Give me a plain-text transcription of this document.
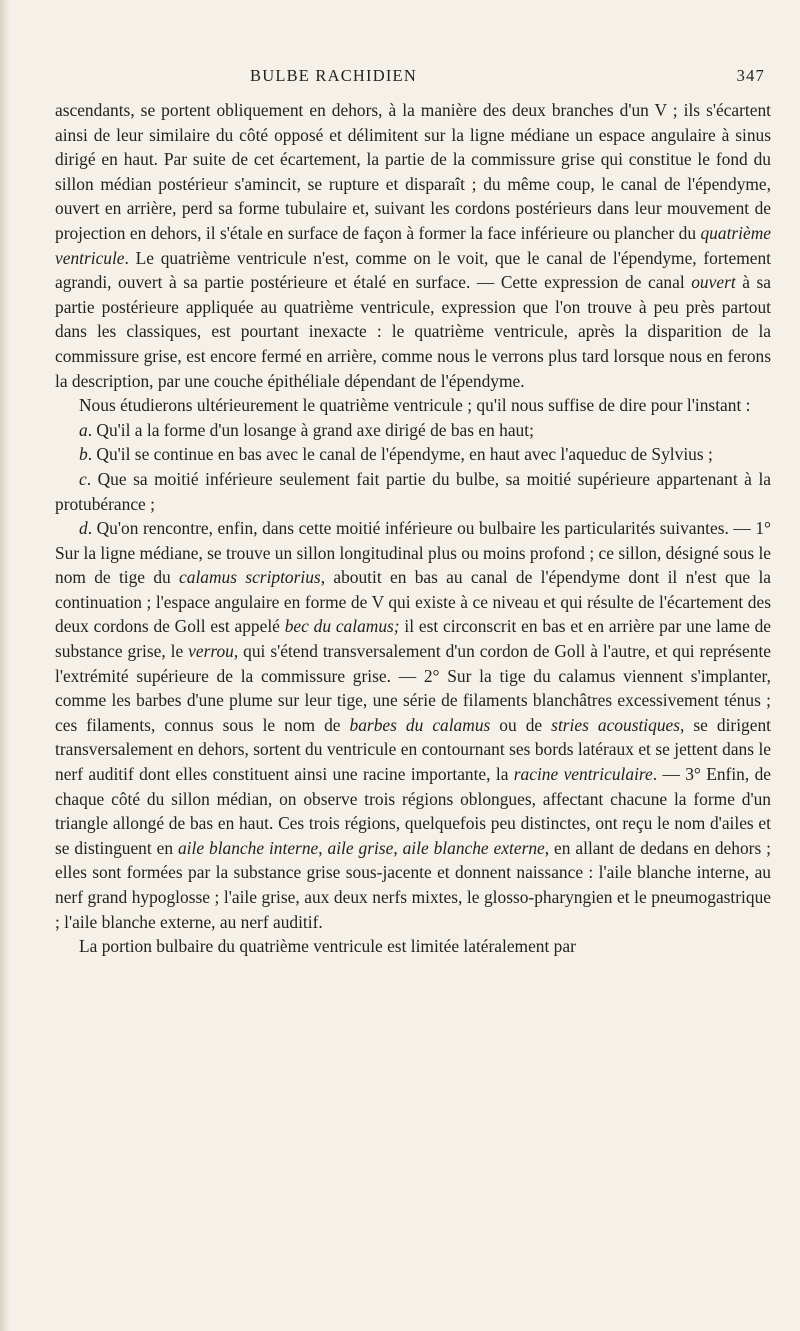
BULBE RACHIDIEN	347

ascendants, se portent obliquement en dehors, à la manière des deux branches d'un V ; ils s'écartent ainsi de leur similaire du côté opposé et délimitent sur la ligne médiane un espace angulaire à sinus dirigé en haut. Par suite de cet écartement, la partie de la commissure grise qui constitue le fond du sillon médian postérieur s'amincit, se rupture et disparaît ; du même coup, le canal de l'épendyme, ouvert en arrière, perd sa forme tubulaire et, suivant les cordons postérieurs dans leur mouvement de projection en dehors, il s'étale en surface de façon à former la face inférieure ou plancher du quatrième ventricule. Le quatrième ventricule n'est, comme on le voit, que le canal de l'épendyme, fortement agrandi, ouvert à sa partie postérieure et étalé en surface. — Cette expression de canal ouvert à sa partie postérieure appliquée au quatrième ventricule, expression que l'on trouve à peu près partout dans les classiques, est pourtant inexacte : le quatrième ventricule, après la disparition de la commissure grise, est encore fermé en arrière, comme nous le verrons plus tard lorsque nous en ferons la description, par une couche épithéliale dépendant de l'épendyme.

Nous étudierons ultérieurement le quatrième ventricule ; qu'il nous suffise de dire pour l'instant :

a. Qu'il a la forme d'un losange à grand axe dirigé de bas en haut;

b. Qu'il se continue en bas avec le canal de l'épendyme, en haut avec l'aqueduc de Sylvius ;

c. Que sa moitié inférieure seulement fait partie du bulbe, sa moitié supérieure appartenant à la protubérance ;

d. Qu'on rencontre, enfin, dans cette moitié inférieure ou bulbaire les particularités suivantes. — 1° Sur la ligne médiane, se trouve un sillon longitudinal plus ou moins profond ; ce sillon, désigné sous le nom de tige du calamus scriptorius, aboutit en bas au canal de l'épendyme dont il n'est que la continuation ; l'espace angulaire en forme de V qui existe à ce niveau et qui résulte de l'écartement des deux cordons de Goll est appelé bec du calamus; il est circonscrit en bas et en arrière par une lame de substance grise, le verrou, qui s'étend transversalement d'un cordon de Goll à l'autre, et qui représente l'extrémité supérieure de la commissure grise. — 2° Sur la tige du calamus viennent s'implanter, comme les barbes d'une plume sur leur tige, une série de filaments blanchâtres excessivement ténus ; ces filaments, connus sous le nom de barbes du calamus ou de stries acoustiques, se dirigent transversalement en dehors, sortent du ventricule en contournant ses bords latéraux et se jettent dans le nerf auditif dont elles constituent ainsi une racine importante, la racine ventriculaire. — 3° Enfin, de chaque côté du sillon médian, on observe trois régions oblongues, affectant chacune la forme d'un triangle allongé de bas en haut. Ces trois régions, quelquefois peu distinctes, ont reçu le nom d'ailes et se distinguent en aile blanche interne, aile grise, aile blanche externe, en allant de dedans en dehors ; elles sont formées par la substance grise sous-jacente et donnent naissance : l'aile blanche interne, au nerf grand hypoglosse ; l'aile grise, aux deux nerfs mixtes, le glosso-pharyngien et le pneumogastrique ; l'aile blanche externe, au nerf auditif.

La portion bulbaire du quatrième ventricule est limitée latéralement par
